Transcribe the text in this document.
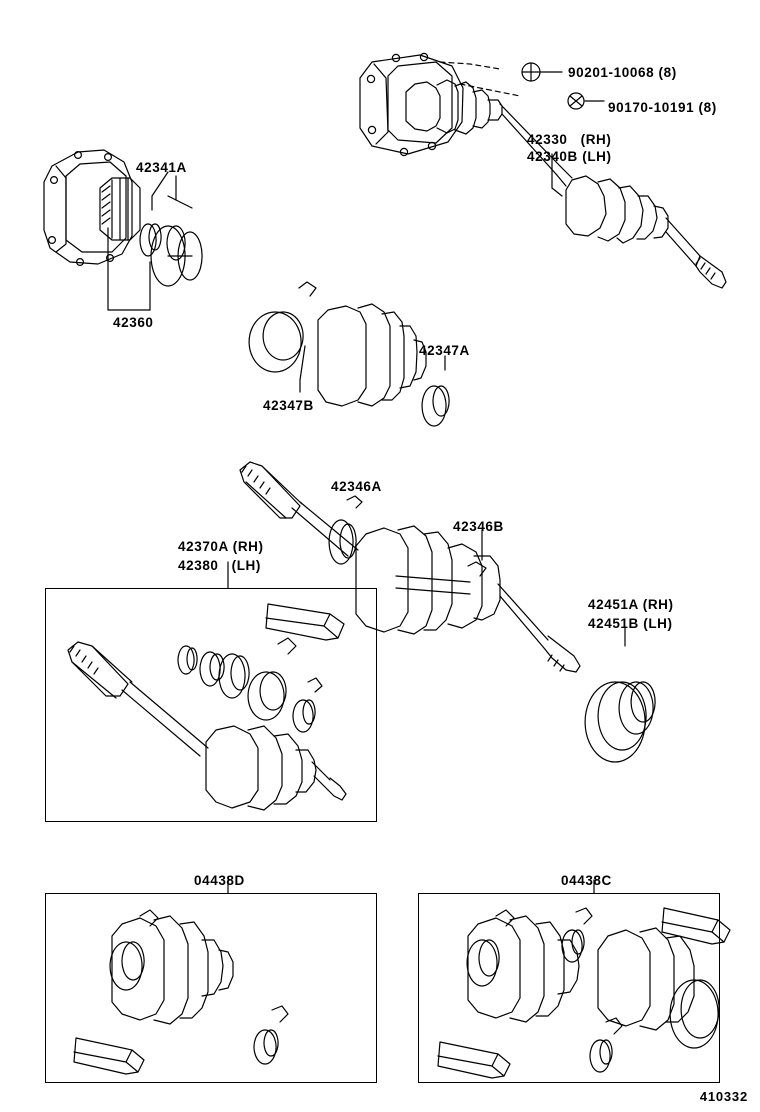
90201-10068 (8)
90170-10191 (8)
42341A
42360
42330   (RH)
42340B (LH)
42347A
42347B
42346A
42346B
42370A (RH)
42380   (LH)
42451A (RH)
42451B (LH)
04438D	04438C
410332
